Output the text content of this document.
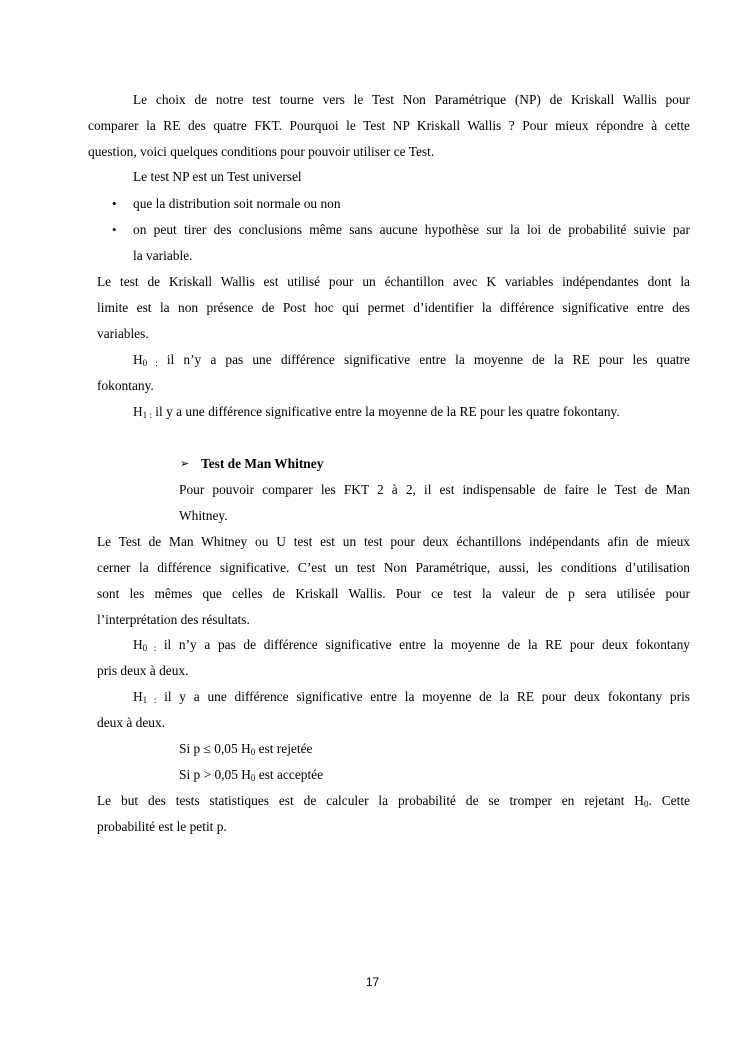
Le choix de notre test tourne vers le Test Non Paramétrique (NP) de Kriskall Wallis pour
comparer la RE des quatre FKT. Pourquoi le Test NP Kriskall Wallis ? Pour mieux répondre à cette
question, voici quelques conditions pour pouvoir utiliser ce Test.
Le test NP est un Test universel
• que la distribution soit normale ou non
• on peut tirer des conclusions même sans aucune hypothèse sur la loi de probabilité suivie par
la variable.
Le test de Kriskall Wallis est utilisé pour un échantillon avec K variables indépendantes dont la
limite est la non présence de Post hoc qui permet d’identifier la différence significative entre des
variables.
$H_{0 :}$ il n’y a pas une différence significative entre la moyenne de la RE pour les quatre
fokontany.
$H_{1 :}$ il y a une différence significative entre la moyenne de la RE pour les quatre fokontany.
➢ Test de Man Whitney
Pour pouvoir comparer les FKT 2 à 2, il est indispensable de faire le Test de Man
Whitney.
Le Test de Man Whitney ou U test est un test pour deux échantillons indépendants afin de mieux
cerner la différence significative. C’est un test Non Paramétrique, aussi, les conditions d’utilisation
sont les mêmes que celles de Kriskall Wallis. Pour ce test la valeur de p sera utilisée pour
l’interprétation des résultats.
$H_{0 :}$ il n’y a pas de différence significative entre la moyenne de la RE pour deux fokontany
pris deux à deux.
$H_{1 :}$ il y a une différence significative entre la moyenne de la RE pour deux fokontany pris
deux à deux.
Si p ≤ 0,05 $H_0$ est rejetée
Si p > 0,05 $H_0$ est acceptée
Le but des tests statistiques est de calculer la probabilité de se tromper en rejetant $H_0$. Cette
probabilité est le petit p.
17
